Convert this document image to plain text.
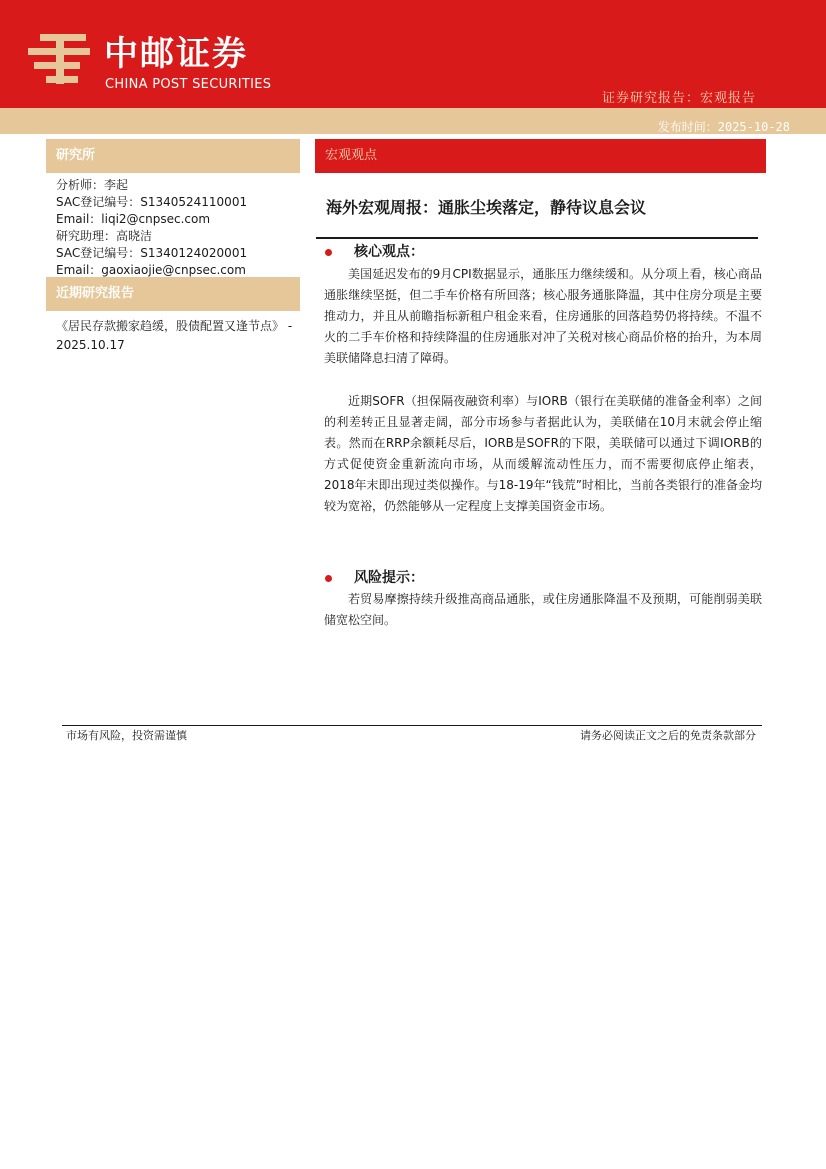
中邮证券
CHINA POST SECURITIES
证券研究报告：宏观报告
发布时间：2025-10-28
研究所
分析师：李起
SAC登记编号：S1340524110001
Email：liqi2@cnpsec.com
研究助理：高晓洁
SAC登记编号：S1340124020001
Email：gaoxiaojie@cnpsec.com
近期研究报告
《居民存款搬家趋缓，股债配置又逢节点》 - 2025.10.17
宏观观点
海外宏观周报：通胀尘埃落定，静待议息会议
核心观点：
美国延迟发布的9月CPI数据显示，通胀压力继续缓和。从分项上看，核心商品通胀继续坚挺，但二手车价格有所回落；核心服务通胀降温，其中住房分项是主要推动力，并且从前瞻指标新租户租金来看，住房通胀的回落趋势仍将持续。不温不火的二手车价格和持续降温的住房通胀对冲了关税对核心商品价格的抬升，为本周美联储降息扫清了障碍。
近期SOFR（担保隔夜融资利率）与IORB（银行在美联储的准备金利率）之间的利差转正且显著走阔，部分市场参与者据此认为，美联储在10月末就会停止缩表。然而在RRP余额耗尽后，IORB是SOFR的下限，美联储可以通过下调IORB的方式促使资金重新流向市场，从而缓解流动性压力，而不需要彻底停止缩表，2018年末即出现过类似操作。与18-19年“钱荒”时相比，当前各类银行的准备金均较为宽裕，仍然能够从一定程度上支撑美国资金市场。
风险提示：
若贸易摩擦持续升级推高商品通胀，或住房通胀降温不及预期，可能削弱美联储宽松空间。
市场有风险，投资需谨慎	请务必阅读正文之后的免责条款部分
